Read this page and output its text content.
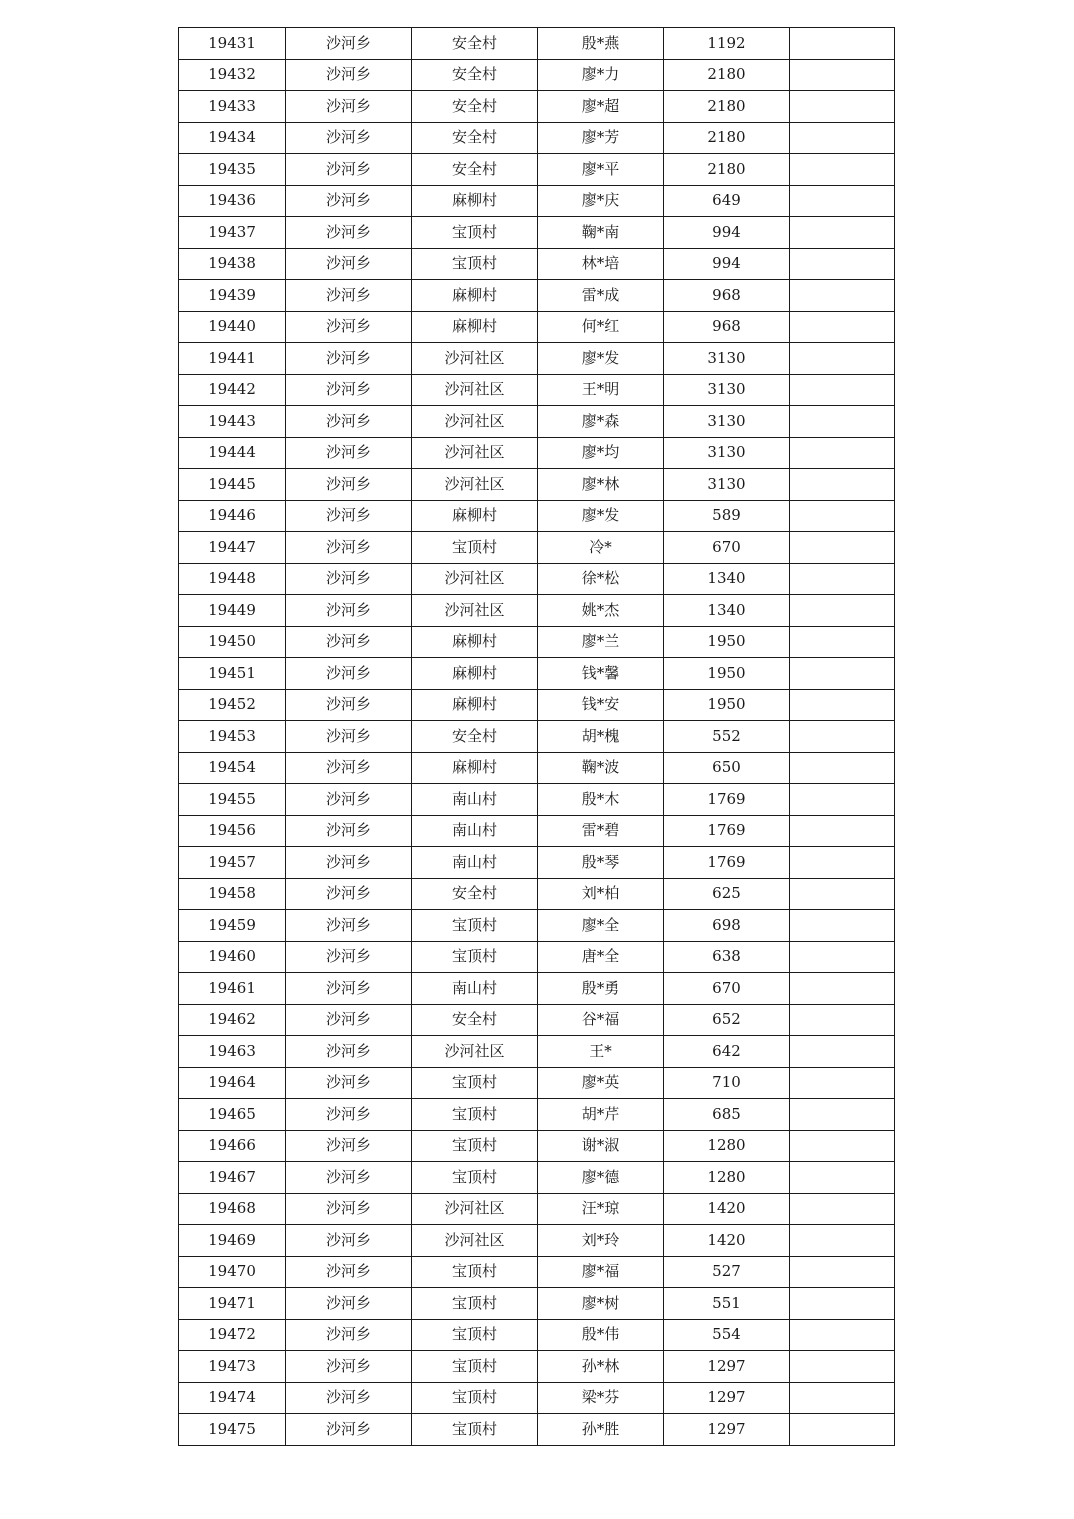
19431	沙河乡	安全村	殷*燕	1192	
19432	沙河乡	安全村	廖*力	2180	
19433	沙河乡	安全村	廖*超	2180	
19434	沙河乡	安全村	廖*芳	2180	
19435	沙河乡	安全村	廖*平	2180	
19436	沙河乡	麻柳村	廖*庆	649	
19437	沙河乡	宝顶村	鞠*南	994	
19438	沙河乡	宝顶村	林*培	994	
19439	沙河乡	麻柳村	雷*成	968	
19440	沙河乡	麻柳村	何*红	968	
19441	沙河乡	沙河社区	廖*发	3130	
19442	沙河乡	沙河社区	王*明	3130	
19443	沙河乡	沙河社区	廖*森	3130	
19444	沙河乡	沙河社区	廖*均	3130	
19445	沙河乡	沙河社区	廖*林	3130	
19446	沙河乡	麻柳村	廖*发	589	
19447	沙河乡	宝顶村	冷*	670	
19448	沙河乡	沙河社区	徐*松	1340	
19449	沙河乡	沙河社区	姚*杰	1340	
19450	沙河乡	麻柳村	廖*兰	1950	
19451	沙河乡	麻柳村	钱*馨	1950	
19452	沙河乡	麻柳村	钱*安	1950	
19453	沙河乡	安全村	胡*槐	552	
19454	沙河乡	麻柳村	鞠*波	650	
19455	沙河乡	南山村	殷*木	1769	
19456	沙河乡	南山村	雷*碧	1769	
19457	沙河乡	南山村	殷*琴	1769	
19458	沙河乡	安全村	刘*柏	625	
19459	沙河乡	宝顶村	廖*全	698	
19460	沙河乡	宝顶村	唐*全	638	
19461	沙河乡	南山村	殷*勇	670	
19462	沙河乡	安全村	谷*福	652	
19463	沙河乡	沙河社区	王*	642	
19464	沙河乡	宝顶村	廖*英	710	
19465	沙河乡	宝顶村	胡*芹	685	
19466	沙河乡	宝顶村	谢*淑	1280	
19467	沙河乡	宝顶村	廖*德	1280	
19468	沙河乡	沙河社区	汪*琼	1420	
19469	沙河乡	沙河社区	刘*玲	1420	
19470	沙河乡	宝顶村	廖*福	527	
19471	沙河乡	宝顶村	廖*树	551	
19472	沙河乡	宝顶村	殷*伟	554	
19473	沙河乡	宝顶村	孙*林	1297	
19474	沙河乡	宝顶村	梁*芬	1297	
19475	沙河乡	宝顶村	孙*胜	1297	
